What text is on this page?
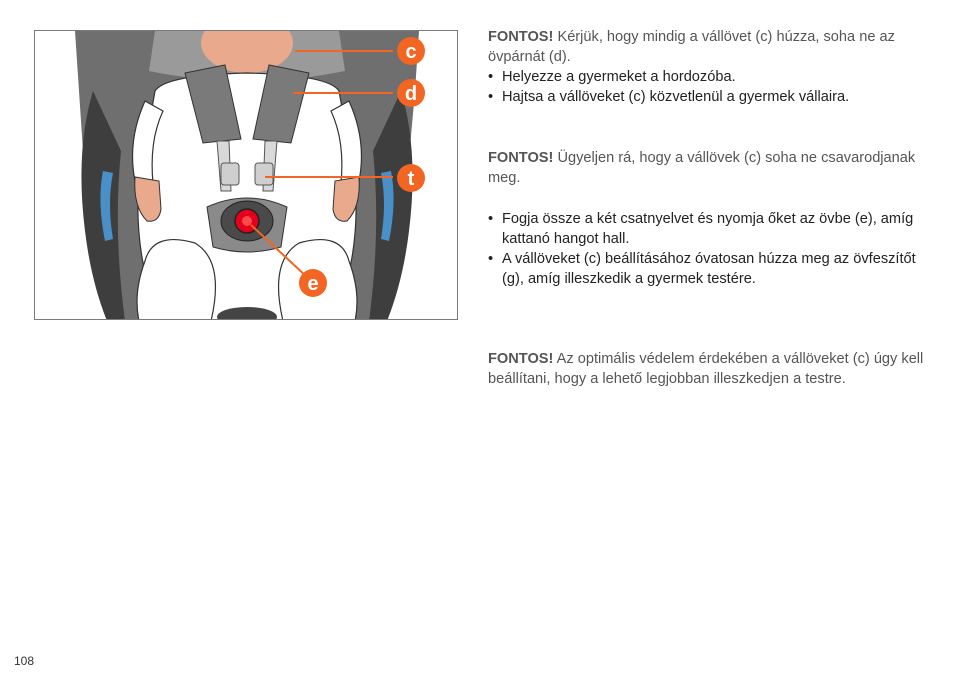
c
d
t
e

FONTOS! Kérjük, hogy mindig a vállövet (c) húzza, soha ne az övpárnát (d).

• Helyezze a gyermeket a hordozóba.
• Hajtsa a vállöveket (c) közvetlenül a gyermek vállaira.

FONTOS! Ügyeljen rá, hogy a vállövek (c) soha ne csavarodjanak meg.

• Fogja össze a két csatnyelvet és nyomja őket az övbe (e), amíg kattanó hangot hall.
• A vállöveket (c) beállításához óvatosan húzza meg az övfeszítőt (g), amíg illeszkedik a gyermek testére.

FONTOS! Az optimális védelem érdekében a vállöveket (c) úgy kell beállítani, hogy a lehető legjobban illeszkedjen a testre.

108
